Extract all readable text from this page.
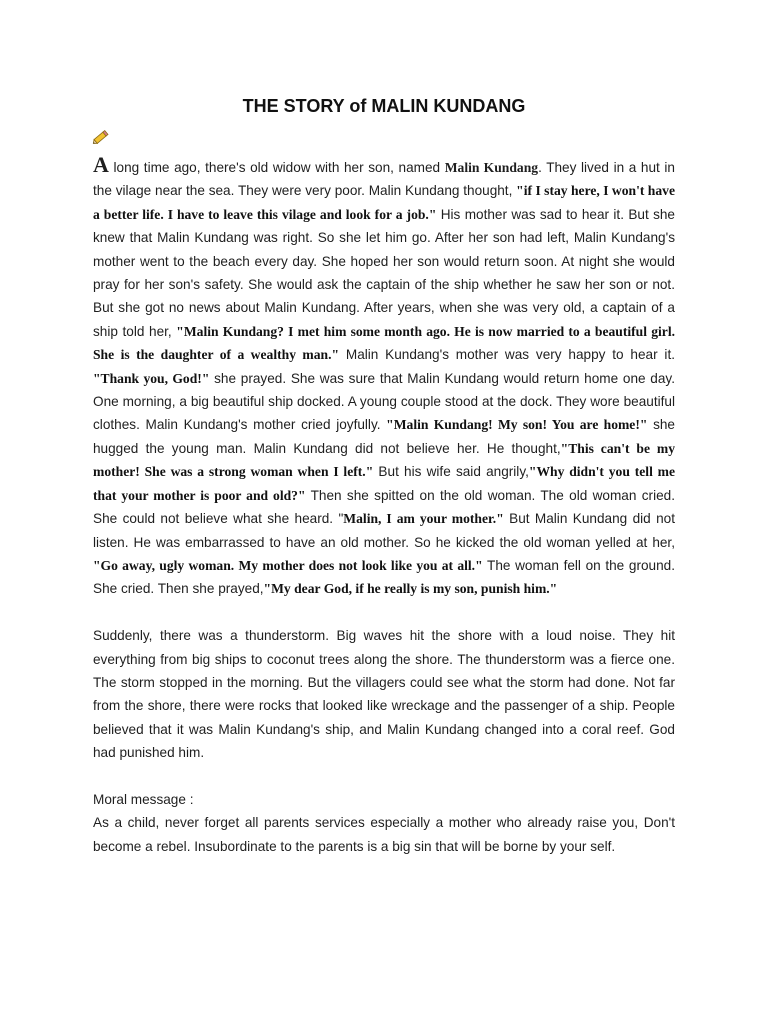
THE STORY of MALIN KUNDANG

A long time ago, there's old widow with her son, named Malin Kundang. They lived in a hut in the vilage near the sea. They were very poor. Malin Kundang thought, "if I stay here, I won't have a better life. I have to leave this vilage and look for a job." His mother was sad to hear it. But she knew that Malin Kundang was right. So she let him go. After her son had left, Malin Kundang's mother went to the beach every day. She hoped her son would return soon. At night she would pray for her son's safety. She would ask the captain of the ship whether he saw her son or not. But she got no news about Malin Kundang. After years, when she was very old, a captain of a ship told her, "Malin Kundang? I met him some month ago. He is now married to a beautiful girl. She is the daughter of a wealthy man." Malin Kundang's mother was very happy to hear it. "Thank you, God!" she prayed. She was sure that Malin Kundang would return home one day. One morning, a big beautiful ship docked. A young couple stood at the dock. They wore beautiful clothes. Malin Kundang's mother cried joyfully. "Malin Kundang! My son! You are home!" she hugged the young man. Malin Kundang did not believe her. He thought,"This can't be my mother! She was a strong woman when I left." But his wife said angrily,"Why didn't you tell me that your mother is poor and old?" Then she spitted on the old woman. The old woman cried. She could not believe what she heard. "Malin, I am your mother." But Malin Kundang did not listen. He was embarrassed to have an old mother. So he kicked the old woman yelled at her, "Go away, ugly woman. My mother does not look like you at all." The woman fell on the ground. She cried. Then she prayed,"My dear God, if he really is my son, punish him."

Suddenly, there was a thunderstorm. Big waves hit the shore with a loud noise. They hit everything from big ships to coconut trees along the shore. The thunderstorm was a fierce one. The storm stopped in the morning. But the villagers could see what the storm had done. Not far from the shore, there were rocks that looked like wreckage and the passenger of a ship. People believed that it was Malin Kundang's ship, and Malin Kundang changed into a coral reef. God had punished him.

Moral message :

As a child, never forget all parents services especially a mother who already raise you, Don't become a rebel. Insubordinate to the parents is a big sin that will be borne by your self.
